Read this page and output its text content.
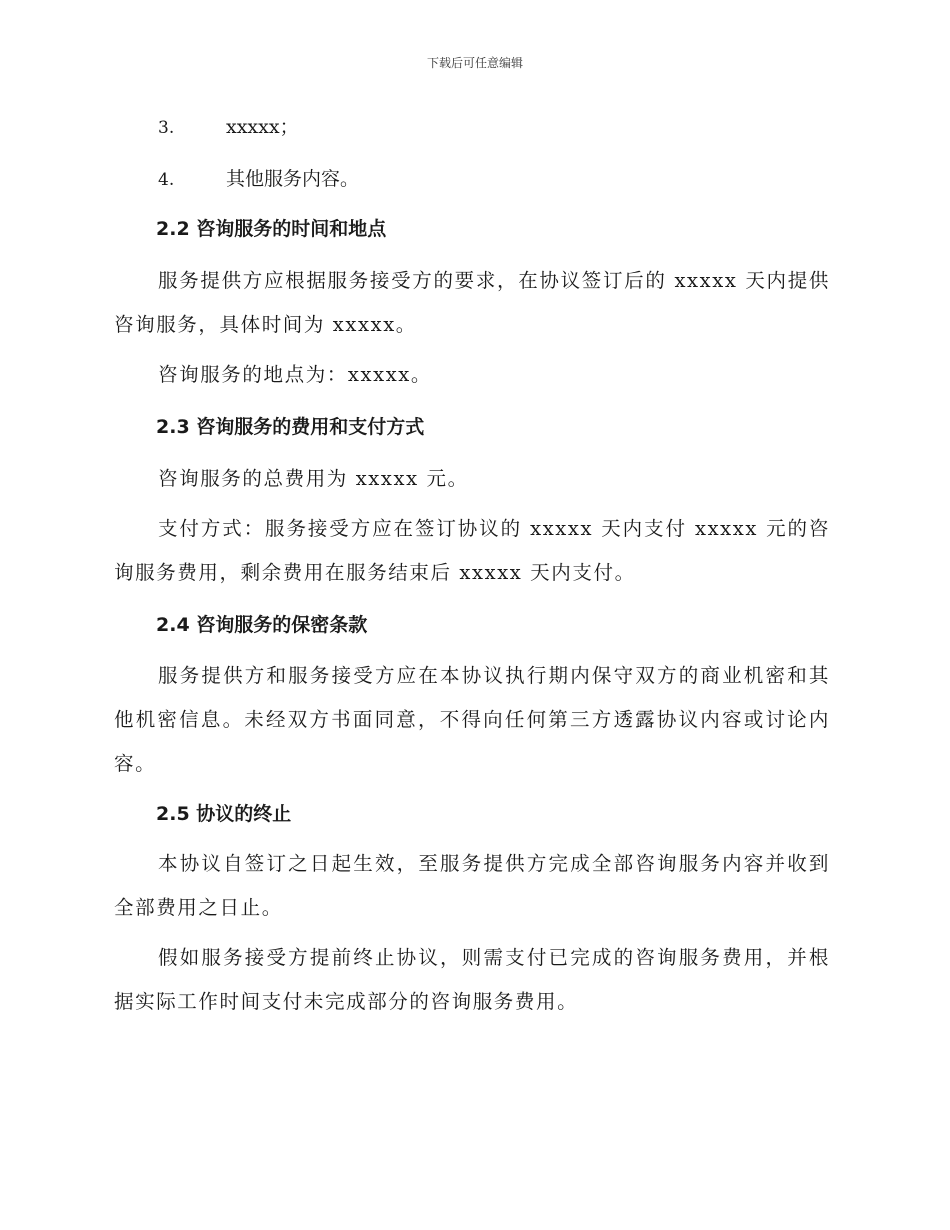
下载后可任意编辑
3.	xxxxx；
4.	其他服务内容。
2.2 咨询服务的时间和地点
服务提供方应根据服务接受方的要求，在协议签订后的 xxxxx 天内提供咨询服务，具体时间为 xxxxx。
咨询服务的地点为：xxxxx。
2.3 咨询服务的费用和支付方式
咨询服务的总费用为 xxxxx 元。
支付方式：服务接受方应在签订协议的 xxxxx 天内支付 xxxxx 元的咨询服务费用，剩余费用在服务结束后 xxxxx 天内支付。
2.4 咨询服务的保密条款
服务提供方和服务接受方应在本协议执行期内保守双方的商业机密和其他机密信息。未经双方书面同意，不得向任何第三方透露协议内容或讨论内容。
2.5 协议的终止
本协议自签订之日起生效，至服务提供方完成全部咨询服务内容并收到全部费用之日止。
假如服务接受方提前终止协议，则需支付已完成的咨询服务费用，并根据实际工作时间支付未完成部分的咨询服务费用。
